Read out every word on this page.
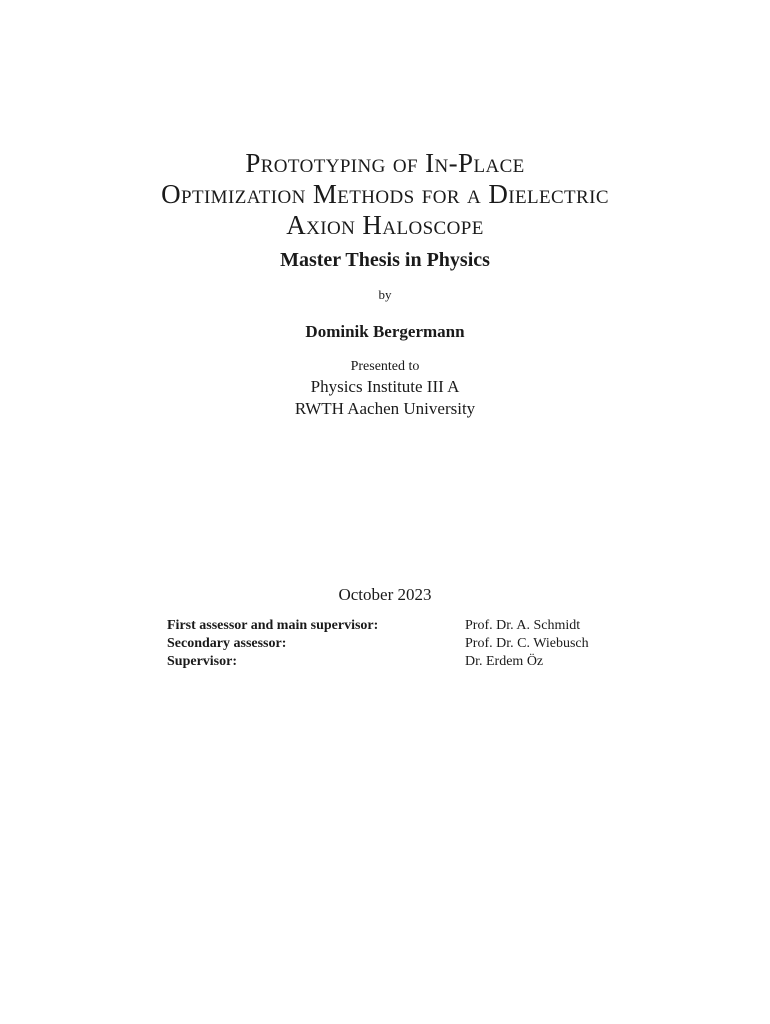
Prototyping of In-Place
Optimization Methods for a Dielectric
Axion Haloscope
Master Thesis in Physics
by
Dominik Bergermann
Presented to
Physics Institute III A
RWTH Aachen University
October 2023
First assessor and main supervisor:	Prof. Dr. A. Schmidt
Secondary assessor:	Prof. Dr. C. Wiebusch
Supervisor:	Dr. Erdem Öz
